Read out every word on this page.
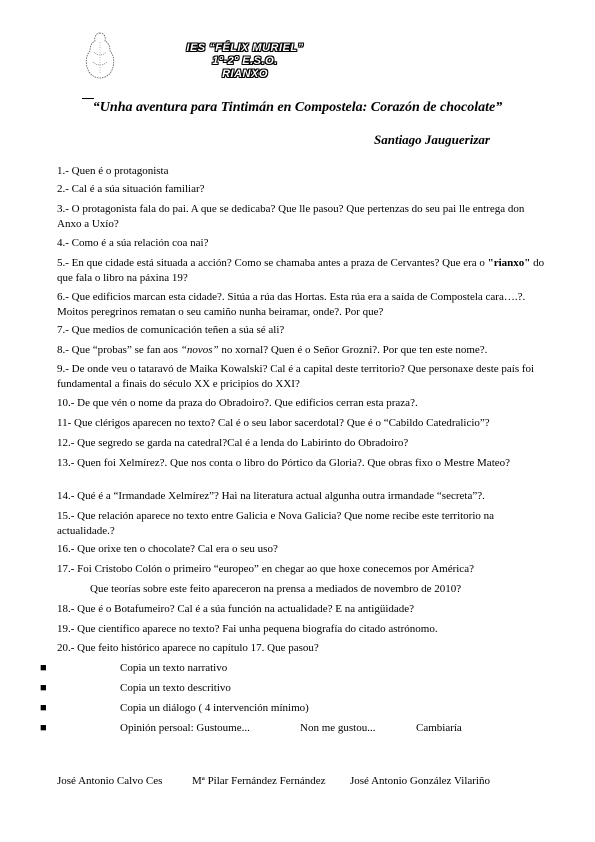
IES “FÉLIX MURIEL”
1º-2º E.S.O.
RIANXO
“Unha aventura para Tintimán en Compostela: Corazón de chocolate”
Santiago Jauguerizar
1.- Quen é o protagonista
2.- Cal é a súa situación familiar?
3.- O protagonista fala do pai. A que se dedicaba? Que lle pasou? Que pertenzas do seu pai lle entrega don Anxo a Uxío?
4.- Como é a súa relación coa nai?
5.- En que cidade está situada a acción? Como se chamaba antes a praza de Cervantes? Que era o "rianxo" do que fala o libro na páxina 19?
6.- Que edificios marcan esta cidade?. Sitúa a rúa das Hortas. Esta rúa era a saída de Compostela cara….?. Moitos peregrinos rematan o seu camiño nunha beiramar, onde?. Por que?
7.- Que medios de comunicación teñen a súa sé ali?
8.- Que “probas” se fan aos “novos” no xornal? Quen é o Señor Grozni?. Por que ten este nome?.
9.- De onde veu o tataravó de Maika Kowalski? Cal é a capital deste territorio? Que personaxe deste país foi fundamental a finais do século XX e pricipios do XXI?
10.- De que vén o nome da praza do Obradoiro?. Que edificios cerran esta praza?.
11- Que clérigos aparecen no texto? Cal é o seu labor sacerdotal? Que é o “Cabildo Catedralicio”?
12.- Que segredo se garda na catedral?Cal é a lenda do Labirinto do Obradoiro?
13.- Quen foi Xelmírez?. Que nos conta o libro do Pórtico da Gloria?. Que obras fixo o Mestre Mateo?
14.- Qué é a “Irmandade Xelmírez”? Hai na literatura actual algunha outra irmandade “secreta”?.
15.- Que relación aparece no texto entre Galicia e Nova Galicia? Que nome recibe este territorio na actualidade.?
16.- Que orixe ten o chocolate? Cal era o seu uso?
17.- Foi Cristobo Colón o primeiro “europeo” en chegar ao que hoxe conecemos por América?
Que teorías sobre este feito apareceron na prensa a mediados de novembro de 2010?
18.- Que é o Botafumeiro? Cal é a súa función na actualidade? E na antigüidade?
19.- Que científico aparece no texto? Fai unha pequena biografía do citado astrónomo.
20.- Que feito histórico aparece no capítulo 17. Que pasou?
■	Copia un texto narrativo
■	Copia un texto descritivo
■	Copia un diálogo ( 4 intervención mínimo)
■	Opinión persoal: Gustoume...	Non me gustou...	Cambiaría
José Antonio Calvo Ces	Mª Pilar Fernández Fernández José Antonio González Vilariño
